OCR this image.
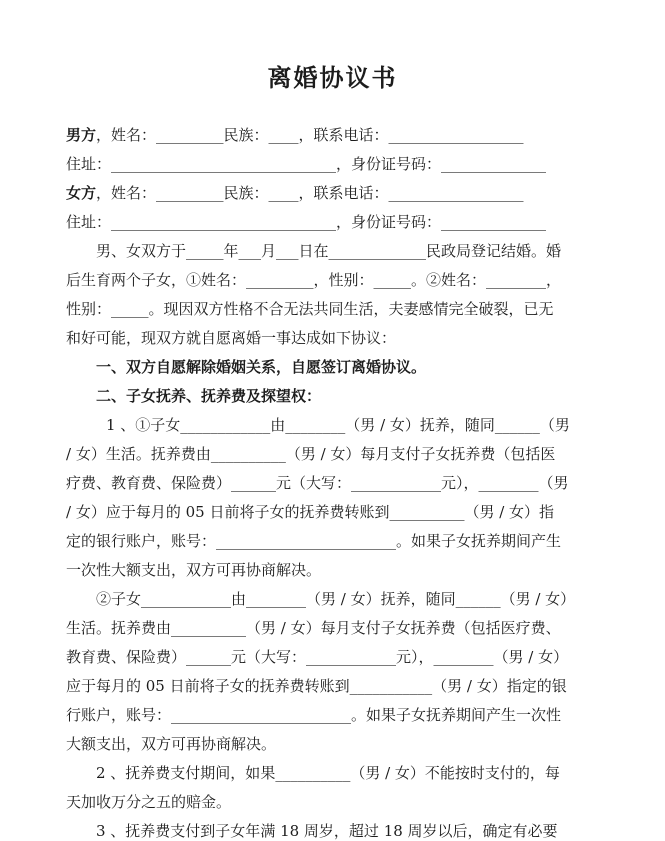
离婚协议书
男方，姓名：_________民族：____，联系电话：__________________
住址：______________________________，身份证号码：______________
女方，姓名：_________民族：____，联系电话：__________________
住址：______________________________，身份证号码：______________
男、女双方于_____年___月___日在_____________民政局登记结婚。婚
后生育两个子女，①姓名：_________，性别：_____。②姓名：________，
性别：_____。现因双方性格不合无法共同生活，夫妻感情完全破裂，已无
和好可能，现双方就自愿离婚一事达成如下协议：
一、双方自愿解除婚姻关系，自愿签订离婚协议。
二、子女抚养、抚养费及探望权：
1 、①子女____________由________（男 / 女）抚养，随同______（男
/ 女）生活。抚养费由__________（男 / 女）每月支付子女抚养费（包括医
疗费、教育费、保险费）______元（大写：____________元），________（男
/ 女）应于每月的 05 日前将子女的抚养费转账到__________（男 / 女）指
定的银行账户，账号：________________________。如果子女抚养期间产生
一次性大额支出，双方可再协商解决。
②子女____________由________（男 / 女）抚养，随同______（男 / 女）
生活。抚养费由__________（男 / 女）每月支付子女抚养费（包括医疗费、
教育费、保险费）______元（大写：____________元），________（男 / 女）
应于每月的 05 日前将子女的抚养费转账到___________（男 / 女）指定的银
行账户，账号：________________________。如果子女抚养期间产生一次性
大额支出，双方可再协商解决。
2 、抚养费支付期间，如果__________（男 / 女）不能按时支付的，每
天加收万分之五的赔金。
3 、抚养费支付到子女年满 18 周岁，超过 18 周岁以后，确定有必要
